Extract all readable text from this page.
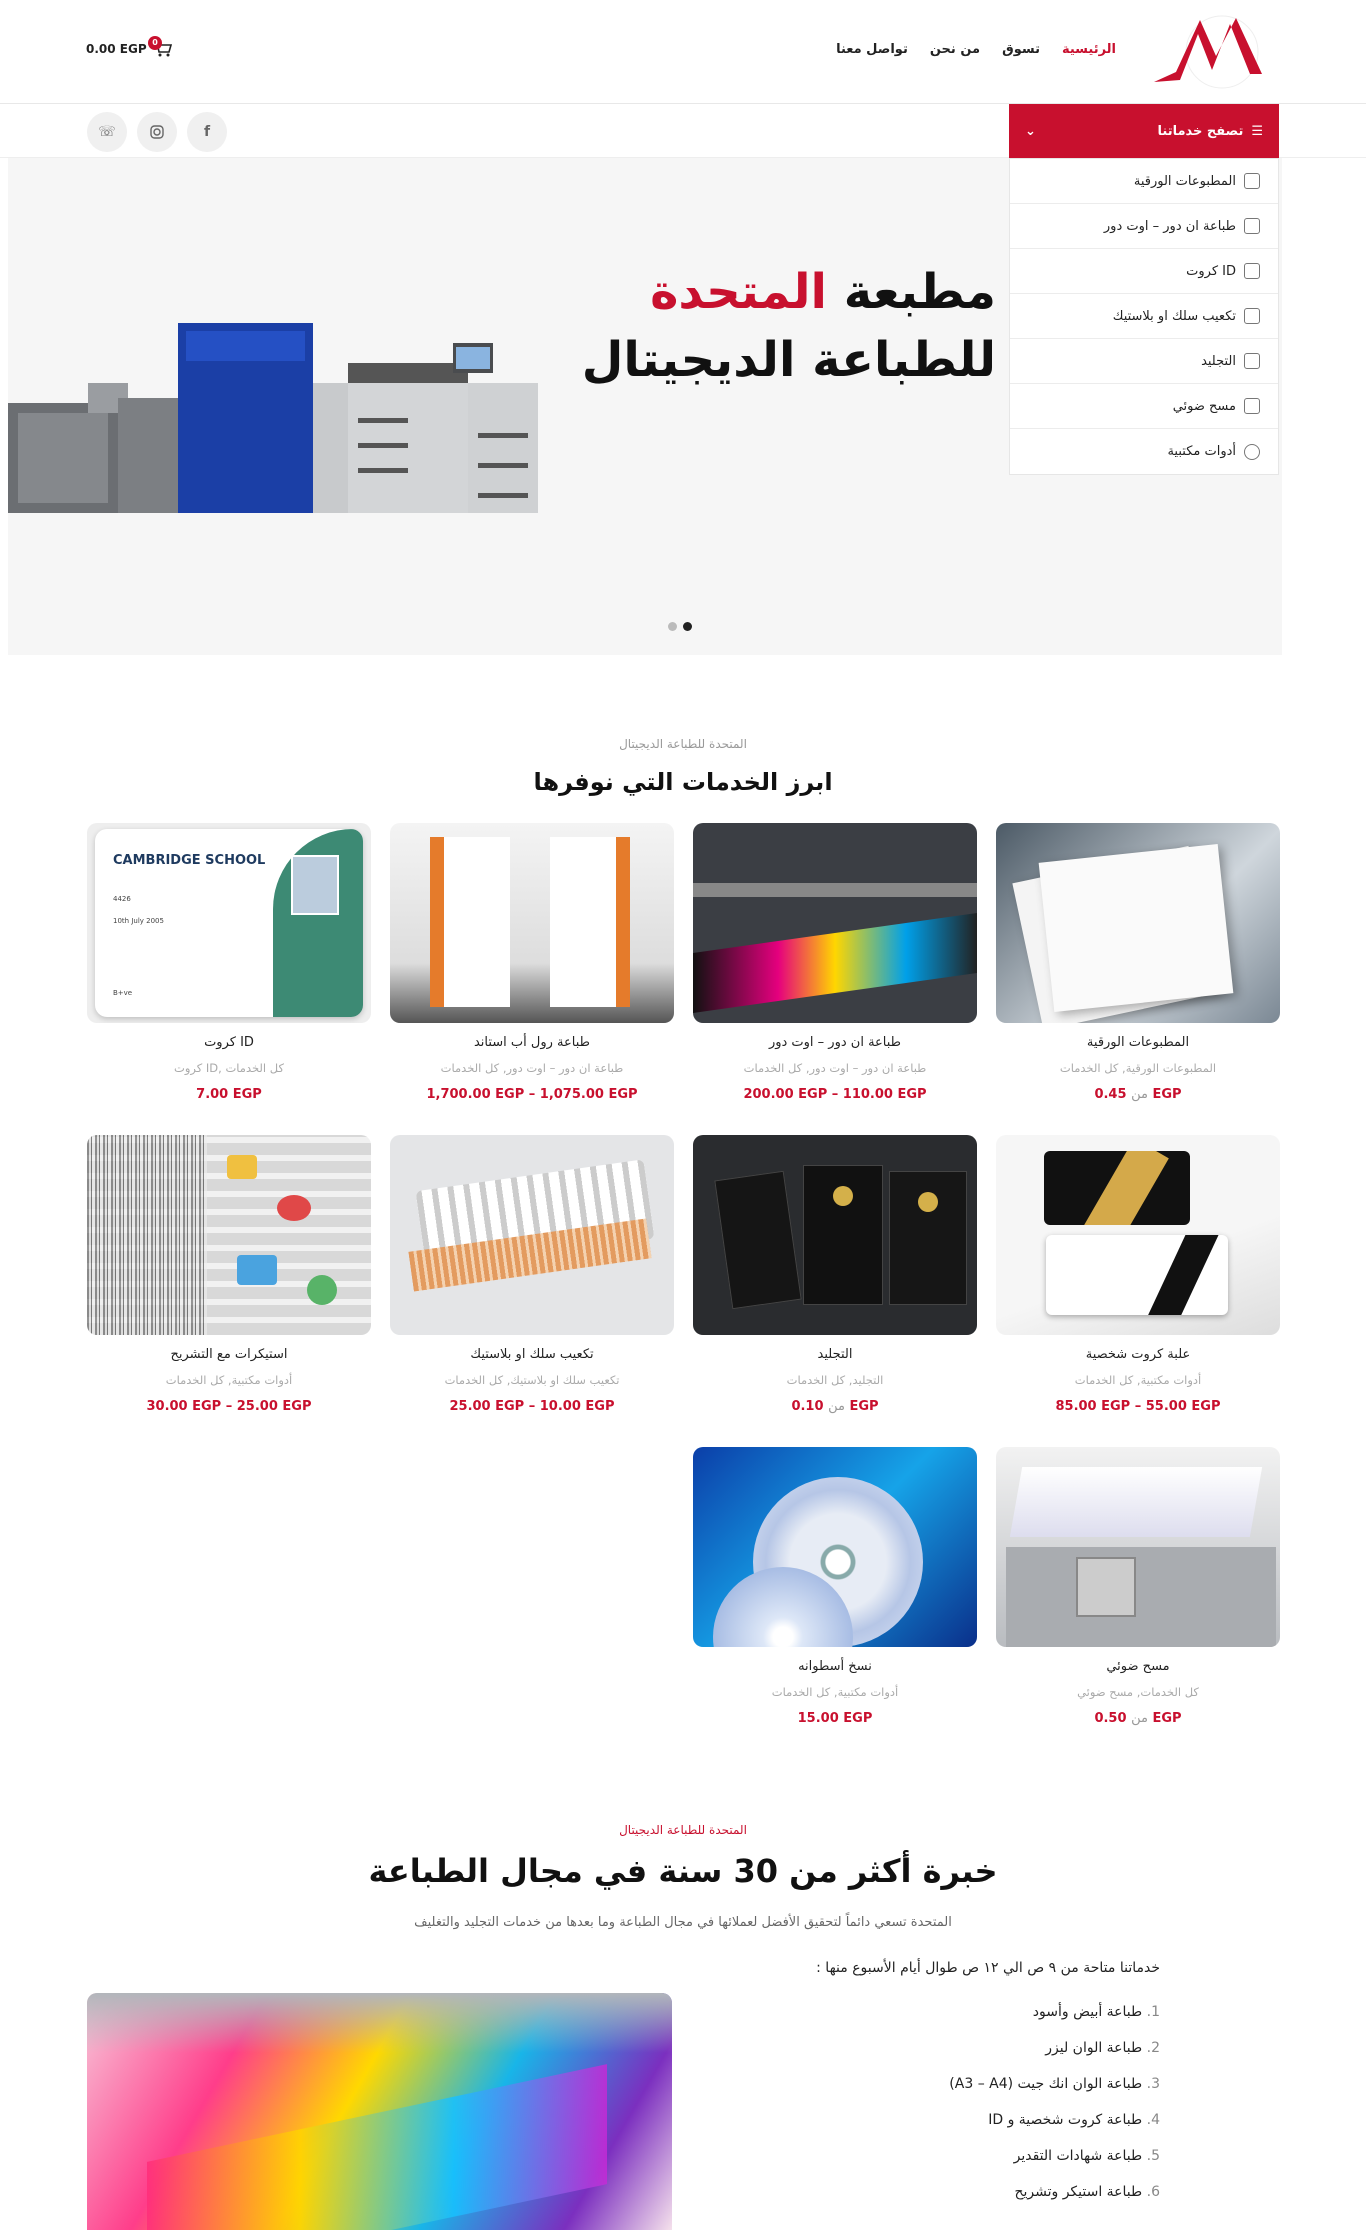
الرئيسية
تسوق
من نحن
تواصل معنا
0.00 EGP 0
☏	f	⌄	تصفح خدماتنا ☰
مطبعة المتحدة
للطباعة الديجيتال
المطبوعات الورقية
طباعة ان دور – اوت دور
كروت ID
تكعيب سلك او بلاستيك
التجليد
مسح ضوئي
أدوات مكتبية
المتحدة للطباعة الديجيتال
ابرز الخدمات التي نوفرها
المطبوعات الورقية
المطبوعات الورقية, كل الخدمات
من 0.45 EGP
طباعة ان دور – اوت دور
طباعة ان دور – اوت دور, كل الخدمات
200.00 EGP – 110.00 EGP
طباعة رول أب استاند
طباعة ان دور – اوت دور, كل الخدمات
1,700.00 EGP – 1,075.00 EGP
CAMBRIDGE SCHOOL
4426
10th July 2005
B+ve
كروت ID
كروت ID, كل الخدمات
7.00 EGP
علبة كروت شخصية
أدوات مكتبية, كل الخدمات
85.00 EGP – 55.00 EGP
التجليد
التجليد, كل الخدمات
من 0.10 EGP
تكعيب سلك او بلاستيك
تكعيب سلك او بلاستيك, كل الخدمات
25.00 EGP – 10.00 EGP
استيكرات مع التشريح
أدوات مكتبية, كل الخدمات
30.00 EGP – 25.00 EGP
مسح ضوئي
كل الخدمات, مسح ضوئي
من 0.50 EGP
نسخ أسطوانه
أدوات مكتبية, كل الخدمات
15.00 EGP
المتحدة للطباعة الديجيتال
خبرة أكثر من 30 سنة في مجال الطباعة
المتحدة تسعي دائماً لتحقيق الأفضل لعملائها في مجال الطباعة وما بعدها من خدمات التجليد والتغليف
خدماتنا متاحة من ٩ ص الي ١٢ ص طوال أيام الأسبوع منها :
1. طباعة أبيض وأسود
2. طباعة الوان ليزر
3. طباعة الوان انك جيت (A3 – A4)
4. طباعة كروت شخصية و ID
5. طباعة شهادات التقدير
6. طباعة استيكر وتشريح
